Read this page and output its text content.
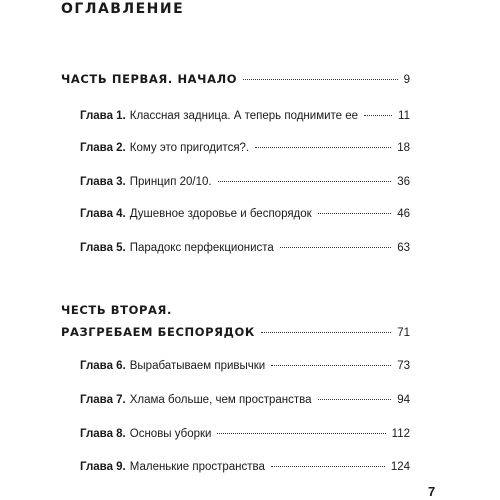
ОГЛАВЛЕНИЕ
ЧАСТЬ ПЕРВАЯ. НАЧАЛО	9
Глава 1. Классная задница. А теперь поднимите ее	11
Глава 2. Кому это пригодится?.	18
Глава 3. Принцип 20/10.	36
Глава 4. Душевное здоровье и беспорядок	46
Глава 5. Парадокс перфекциониста	63
ЧЕСТЬ ВТОРАЯ.
РАЗГРЕБАЕМ БЕСПОРЯДОК	71
Глава 6. Вырабатываем привычки	73
Глава 7. Хлама больше, чем пространства	94
Глава 8. Основы уборки	112
Глава 9. Маленькие пространства	124
7
